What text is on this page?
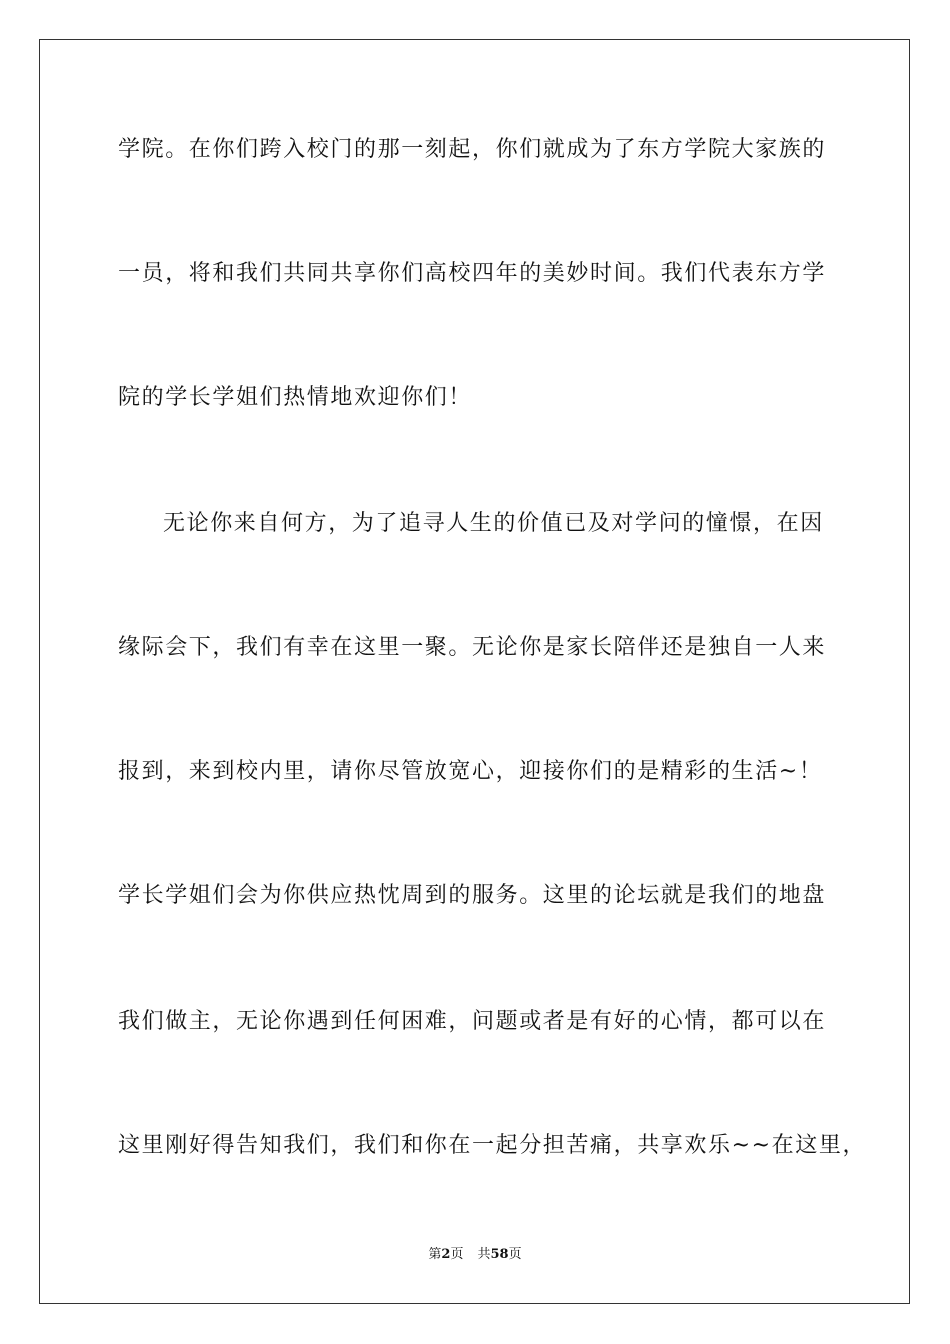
学院。在你们跨入校门的那一刻起，你们就成为了东方学院大家族的
一员，将和我们共同共享你们高校四年的美妙时间。我们代表东方学
院的学长学姐们热情地欢迎你们！
无论你来自何方，为了追寻人生的价值已及对学问的憧憬，在因
缘际会下，我们有幸在这里一聚。无论你是家长陪伴还是独自一人来
报到，来到校内里，请你尽管放宽心，迎接你们的是精彩的生活~！
学长学姐们会为你供应热忱周到的服务。这里的论坛就是我们的地盘
我们做主，无论你遇到任何困难，问题或者是有好的心情，都可以在
这里刚好得告知我们，我们和你在一起分担苦痛，共享欢乐~~在这里，
第2页 共58页
